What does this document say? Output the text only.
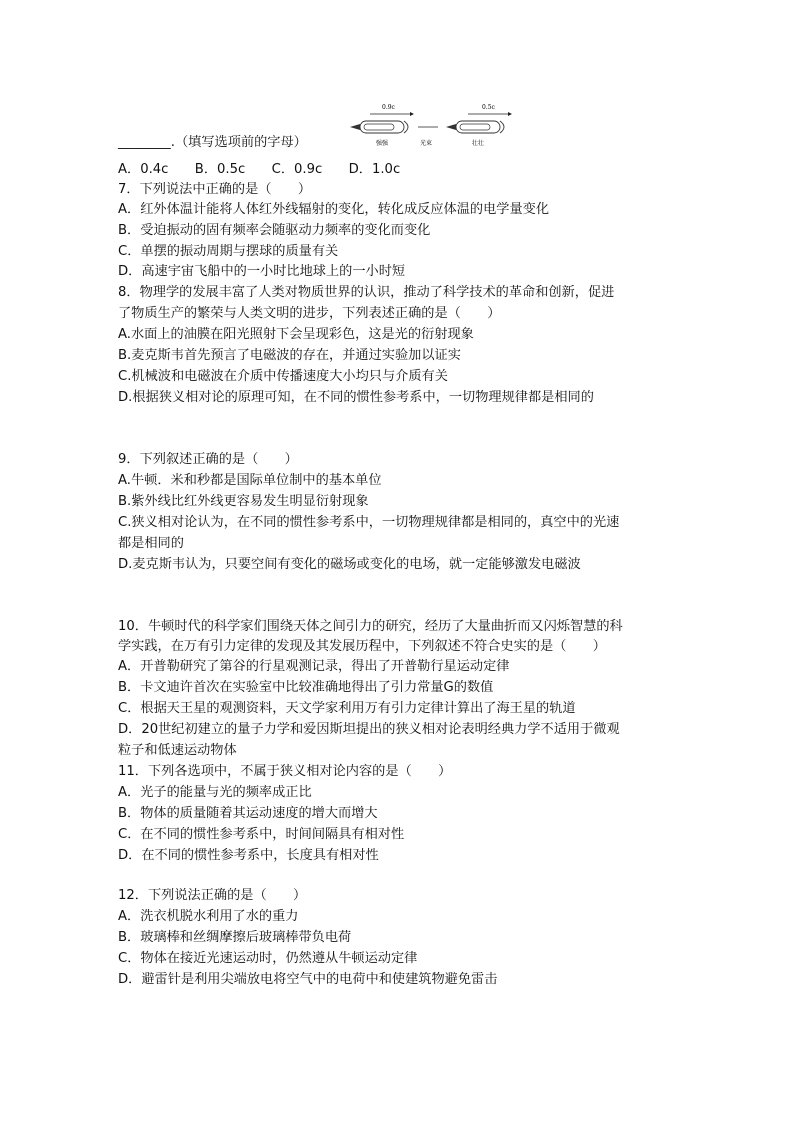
________.（填写选项前的字母）
0.9c	0.5c
强强	光束	壮壮
A．0.4c　　B．0.5c　　C．0.9c　　D．1.0c
7．下列说法中正确的是（　　）
A．红外体温计能将人体红外线辐射的变化，转化成反应体温的电学量变化
B．受迫振动的固有频率会随驱动力频率的变化而变化
C．单摆的振动周期与摆球的质量有关
D．高速宇宙飞船中的一小时比地球上的一小时短
8．物理学的发展丰富了人类对物质世界的认识，推动了科学技术的革命和创新，促进
了物质生产的繁荣与人类文明的进步，下列表述正确的是（　　）
A.水面上的油膜在阳光照射下会呈现彩色，这是光的衍射现象
B.麦克斯韦首先预言了电磁波的存在，并通过实验加以证实
C.机械波和电磁波在介质中传播速度大小均只与介质有关
D.根据狭义相对论的原理可知，在不同的惯性参考系中，一切物理规律都是相同的
9．下列叙述正确的是（　　）
A.牛顿．米和秒都是国际单位制中的基本单位
B.紫外线比红外线更容易发生明显衍射现象
C.狭义相对论认为，在不同的惯性参考系中，一切物理规律都是相同的，真空中的光速
都是相同的
D.麦克斯韦认为，只要空间有变化的磁场或变化的电场，就一定能够激发电磁波
10．牛顿时代的科学家们围绕天体之间引力的研究，经历了大量曲折而又闪烁智慧的科
学实践，在万有引力定律的发现及其发展历程中，下列叙述不符合史实的是（　　）
A．开普勒研究了第谷的行星观测记录，得出了开普勒行星运动定律
B．卡文迪许首次在实验室中比较准确地得出了引力常量G的数值
C．根据天王星的观测资料，天文学家利用万有引力定律计算出了海王星的轨道
D．20世纪初建立的量子力学和爱因斯坦提出的狭义相对论表明经典力学不适用于微观
粒子和低速运动物体
11．下列各选项中，不属于狭义相对论内容的是（　　）
A．光子的能量与光的频率成正比
B．物体的质量随着其运动速度的增大而增大
C．在不同的惯性参考系中，时间间隔具有相对性
D．在不同的惯性参考系中，长度具有相对性
12．下列说法正确的是（　　）
A．洗衣机脱水利用了水的重力
B．玻璃棒和丝绸摩擦后玻璃棒带负电荷
C．物体在接近光速运动时，仍然遵从牛顿运动定律
D．避雷针是利用尖端放电将空气中的电荷中和使建筑物避免雷击
